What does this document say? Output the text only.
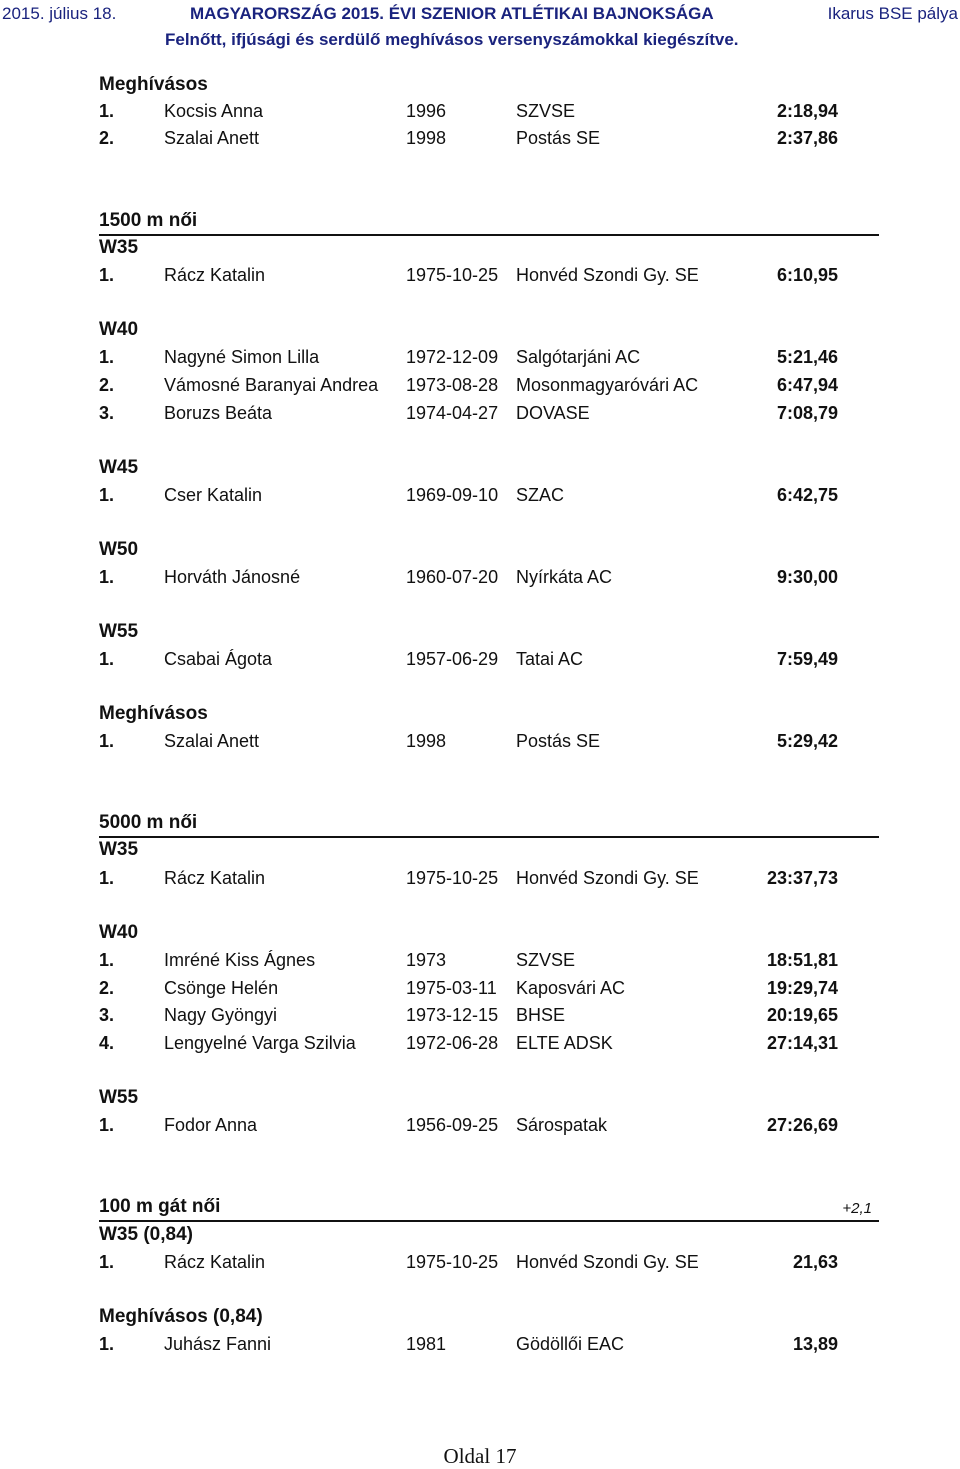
2015. július 18.	MAGYARORSZÁG 2015. ÉVI SZENIOR ATLÉTIKAI BAJNOKSÁGA	Ikarus BSE pálya
Felnőtt, ifjúsági és serdülő meghívásos versenyszámokkal kiegészítve.
Meghívásos
1.	Kocsis Anna	1996	SZVSE	2:18,94
2.	Szalai Anett	1998	Postás SE	2:37,86
1500 m női
W35
1.	Rácz Katalin	1975-10-25 Honvéd Szondi Gy. SE	6:10,95
W40
1.	Nagyné Simon Lilla	1972-12-09 Salgótarjáni AC	5:21,46
2.	Vámosné Baranyai Andrea 1973-08-28 Mosonmagyaróvári AC	6:47,94
3.	Boruzs Beáta	1974-04-27 DOVASE	7:08,79
W45
1.	Cser Katalin	1969-09-10 SZAC	6:42,75
W50
1.	Horváth Jánosné	1960-07-20 Nyírkáta AC	9:30,00
W55
1.	Csabai Ágota	1957-06-29 Tatai AC	7:59,49
Meghívásos
1.	Szalai Anett	1998	Postás SE	5:29,42
5000 m női
W35
1.	Rácz Katalin	1975-10-25 Honvéd Szondi Gy. SE	23:37,73
W40
1.	Imréné Kiss Ágnes	1973	SZVSE	18:51,81
2.	Csönge Helén	1975-03-11 Kaposvári AC	19:29,74
3.	Nagy Gyöngyi	1973-12-15 BHSE	20:19,65
4.	Lengyelné Varga Szilvia	1972-06-28 ELTE ADSK	27:14,31
W55
1.	Fodor Anna	1956-09-25 Sárospatak	27:26,69
100 m gát női	+2,1
W35 (0,84)
1.	Rácz Katalin	1975-10-25 Honvéd Szondi Gy. SE	21,63
Meghívásos (0,84)
1.	Juhász Fanni	1981	Gödöllői EAC	13,89
Oldal 17
